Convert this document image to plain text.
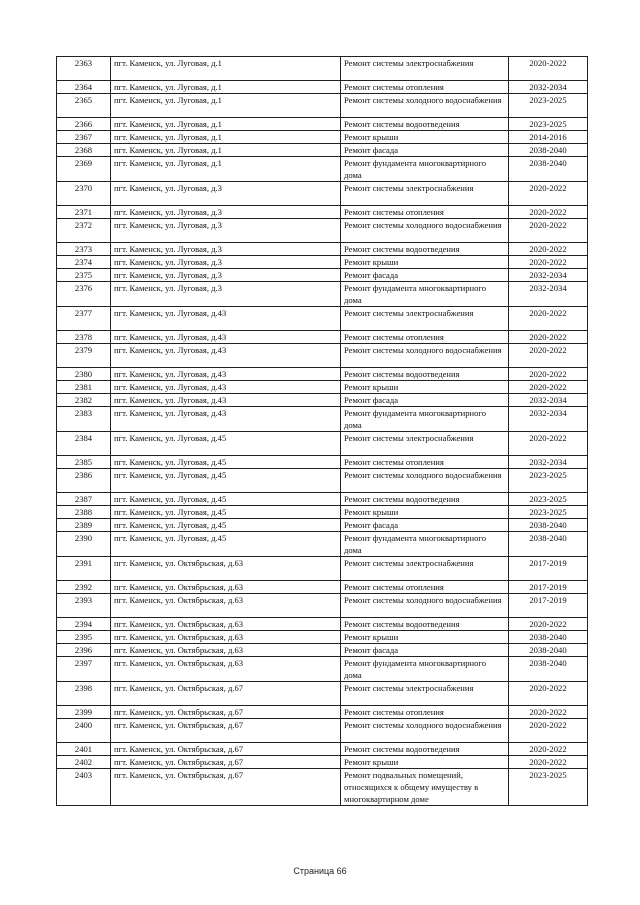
2363	пгт. Каменск, ул. Луговая, д.1	Ремонт системы электроснабжения	2020-2022
2364	пгт. Каменск, ул. Луговая, д.1	Ремонт системы отопления	2032-2034
2365	пгт. Каменск, ул. Луговая, д.1	Ремонт системы холодного водоснабжения	2023-2025
2366	пгт. Каменск, ул. Луговая, д.1	Ремонт системы водоотведения	2023-2025
2367	пгт. Каменск, ул. Луговая, д.1	Ремонт крыши	2014-2016
2368	пгт. Каменск, ул. Луговая, д.1	Ремонт фасада	2038-2040
2369	пгт. Каменск, ул. Луговая, д.1	Ремонт фундамента многоквартирного дома	2038-2040
2370	пгт. Каменск, ул. Луговая, д.3	Ремонт системы электроснабжения	2020-2022
2371	пгт. Каменск, ул. Луговая, д.3	Ремонт системы отопления	2020-2022
2372	пгт. Каменск, ул. Луговая, д.3	Ремонт системы холодного водоснабжения	2020-2022
2373	пгт. Каменск, ул. Луговая, д.3	Ремонт системы водоотведения	2020-2022
2374	пгт. Каменск, ул. Луговая, д.3	Ремонт крыши	2020-2022
2375	пгт. Каменск, ул. Луговая, д.3	Ремонт фасада	2032-2034
2376	пгт. Каменск, ул. Луговая, д.3	Ремонт фундамента многоквартирного дома	2032-2034
2377	пгт. Каменск, ул. Луговая, д.43	Ремонт системы электроснабжения	2020-2022
2378	пгт. Каменск, ул. Луговая, д.43	Ремонт системы отопления	2020-2022
2379	пгт. Каменск, ул. Луговая, д.43	Ремонт системы холодного водоснабжения	2020-2022
2380	пгт. Каменск, ул. Луговая, д.43	Ремонт системы водоотведения	2020-2022
2381	пгт. Каменск, ул. Луговая, д.43	Ремонт крыши	2020-2022
2382	пгт. Каменск, ул. Луговая, д.43	Ремонт фасада	2032-2034
2383	пгт. Каменск, ул. Луговая, д.43	Ремонт фундамента многоквартирного дома	2032-2034
2384	пгт. Каменск, ул. Луговая, д.45	Ремонт системы электроснабжения	2020-2022
2385	пгт. Каменск, ул. Луговая, д.45	Ремонт системы отопления	2032-2034
2386	пгт. Каменск, ул. Луговая, д.45	Ремонт системы холодного водоснабжения	2023-2025
2387	пгт. Каменск, ул. Луговая, д.45	Ремонт системы водоотведения	2023-2025
2388	пгт. Каменск, ул. Луговая, д.45	Ремонт крыши	2023-2025
2389	пгт. Каменск, ул. Луговая, д.45	Ремонт фасада	2038-2040
2390	пгт. Каменск, ул. Луговая, д.45	Ремонт фундамента многоквартирного дома	2038-2040
2391	пгт. Каменск, ул. Октябрьская, д.63	Ремонт системы электроснабжения	2017-2019
2392	пгт. Каменск, ул. Октябрьская, д.63	Ремонт системы отопления	2017-2019
2393	пгт. Каменск, ул. Октябрьская, д.63	Ремонт системы холодного водоснабжения	2017-2019
2394	пгт. Каменск, ул. Октябрьская, д.63	Ремонт системы водоотведения	2020-2022
2395	пгт. Каменск, ул. Октябрьская, д.63	Ремонт крыши	2038-2040
2396	пгт. Каменск, ул. Октябрьская, д.63	Ремонт фасада	2038-2040
2397	пгт. Каменск, ул. Октябрьская, д.63	Ремонт фундамента многоквартирного дома	2038-2040
2398	пгт. Каменск, ул. Октябрьская, д.67	Ремонт системы электроснабжения	2020-2022
2399	пгт. Каменск, ул. Октябрьская, д.67	Ремонт системы отопления	2020-2022
2400	пгт. Каменск, ул. Октябрьская, д.67	Ремонт системы холодного водоснабжения	2020-2022
2401	пгт. Каменск, ул. Октябрьская, д.67	Ремонт системы водоотведения	2020-2022
2402	пгт. Каменск, ул. Октябрьская, д.67	Ремонт крыши	2020-2022
2403	пгт. Каменск, ул. Октябрьская, д.67	Ремонт подвальных помещений, относящихся к общему имуществу в многоквартирном доме	2023-2025
Страница 66
